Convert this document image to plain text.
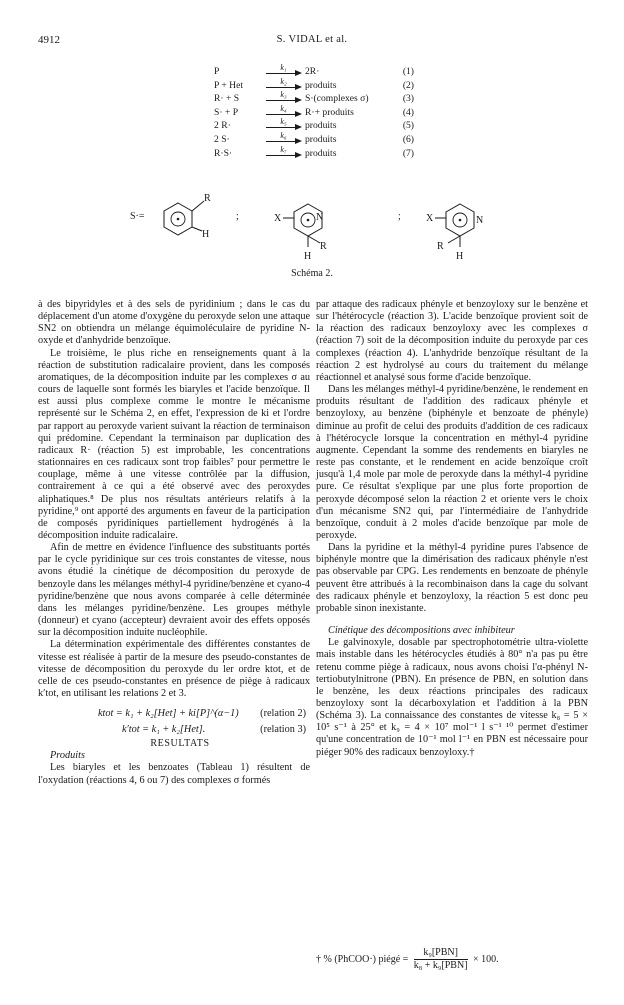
4912	S. VIDAL et al.
P	k₁	2R·	(1)
P + Het	k₂	produits	(2)
R· + S	k₃	S·(complexes σ)	(3)
S· + P	k₄	R·+ produits	(4)
2 R·	k₅	produits	(5)
2 S·	k₆	produits	(6)
R·S·	k₇	produits	(7)
S·=
R
H
;	X	N
R
H
;	X	N
R
H
Schéma 2.

à des bipyridyles et à des sels de pyridinium ; dans le cas du déplacement d'un atome d'oxygène du peroxyde selon une attaque SN2 on obtiendra un mélange équimoléculaire de pyridine N-oxyde et d'anhydride benzoïque.

Le troisième, le plus riche en renseignements quant à la réaction de substitution radicalaire provient, dans les composés aromatiques, de la décomposition induite par les complexes σ au cours de laquelle sont formés les biaryles et l'acide benzoïque. Il est aussi plus complexe comme le montre le mécanisme représenté sur le Schéma 2, en effet, l'expression de ki et l'ordre par rapport au peroxyde varient suivant la réaction de terminaison qui prédomine. Cependant la terminaison par duplication des radicaux R· (réaction 5) est improbable, les concentrations stationnaires en ces radicaux sont trop faibles⁷ pour permettre le couplage, même à une vitesse contrôlée par la diffusion, contrairement à ce qui a été observé avec des peroxydes aliphatiques.⁸ De plus nos résultats antérieurs relatifs à la pyridine,⁹ ont apporté des arguments en faveur de la participation de composés pyridiniques partiellement hydrogénés à la décomposition induite radicalaire.

Afin de mettre en évidence l'influence des substituants portés par le cycle pyridinique sur ces trois constantes de vitesse, nous avons étudié la cinétique de décomposition du peroxyde de benzoyle dans les mélanges méthyl-4 pyridine/benzène et cyano-4 pyridine/benzène que nous avons comparée à celle déterminée dans les mélanges pyridine/benzène. Les groupes méthyle (donneur) et cyano (accepteur) devraient avoir des effets opposés sur la décomposition induite nucléophile.

La détermination expérimentale des différentes constantes de vitesse est réalisée à partir de la mesure des pseudo-constantes de vitesse de décomposition du peroxyde du ler ordre ktot, et de celle de ces pseudo-constantes en présence de piège à radicaux k′tot, en utilisant les relations 2 et 3.

ktot = k₁ + k₂[Het] + ki[P]^(α−1) (relation 2)
k′tot = k₁ + k₂[Het].	(relation 3)

RESULTATS

Produits

Les biaryles et les benzoates (Tableau 1) résultent de l'oxydation (réactions 4, 6 ou 7) des complexes σ formés

par attaque des radicaux phényle et benzoyloxy sur le benzène et sur l'hétérocycle (réaction 3). L'acide benzoïque provient soit de la réaction des radicaux benzoyloxy avec les complexes σ (réaction 7) soit de la décomposition induite du peroxyde par ces complexes (réaction 4). L'anhydride benzoïque résultant de la réaction 2 est hydrolysé au cours du traitement du mélange réactionnel et analysé sous forme d'acide benzoïque.

Dans les mélanges méthyl-4 pyridine/benzène, le rendement en produits résultant de l'addition des radicaux phényle et benzoyloxy, au benzène (biphényle et benzoate de phényle) diminue au profit de celui des produits d'addition de ces radicaux à l'hétérocycle lorsque la concentration en méthyl-4 pyridine augmente. Cependant la somme des rendements en biaryles ne reste pas constante, et le rendement en acide benzoïque croît jusqu'à 1,4 mole par mole de peroxyde dans la méthyl-4 pyridine pure. Ce résultat s'explique par une plus forte proportion de peroxyde décomposé selon la réaction 2 et oriente vers le choix d'un mécanisme SN2 qui, par l'intermédiaire de l'anhydride benzoïque, conduit à 2 moles d'acide benzoïque par mole de peroxyde.

Dans la pyridine et la méthyl-4 pyridine pures l'absence de biphényle montre que la dimérisation des radicaux phényle n'est pas observable par CPG. Les rendements en benzoate de phényle peuvent être attribués à la recombinaison dans la cage du solvant des radicaux phényle et benzoyloxy, la réaction 5 est donc peu probable sinon inexistante.

Cinétique des décompositions avec inhibiteur

Le galvinoxyle, dosable par spectrophotométrie ultra-violette mais instable dans les hétérocycles étudiés à 80° n'a pas pu être retenu comme piège à radicaux, nous avons choisi l'α-phényl N-tertiobutylnitrone (PBN). En présence de PBN, en solution dans le benzène, les deux réactions principales des radicaux benzoyloxy sont la décarboxylation et l'addition à la PBN (Schéma 3). La connaissance des constantes de vitesse k₈ = 5 × 10⁵ s⁻¹ à 25° et k₉ = 4 × 10⁷ mol⁻¹ l s⁻¹ ¹⁰ permet d'estimer qu'une concentration de 10⁻¹ mol l⁻¹ en PBN est nécessaire pour piéger 90% des radicaux benzoyloxy.†

† % (PhCOO·) piégé = $\frac{\text{k₉[PBN]}}{\text{k₈ + k₉[PBN]}} \times 100$.
